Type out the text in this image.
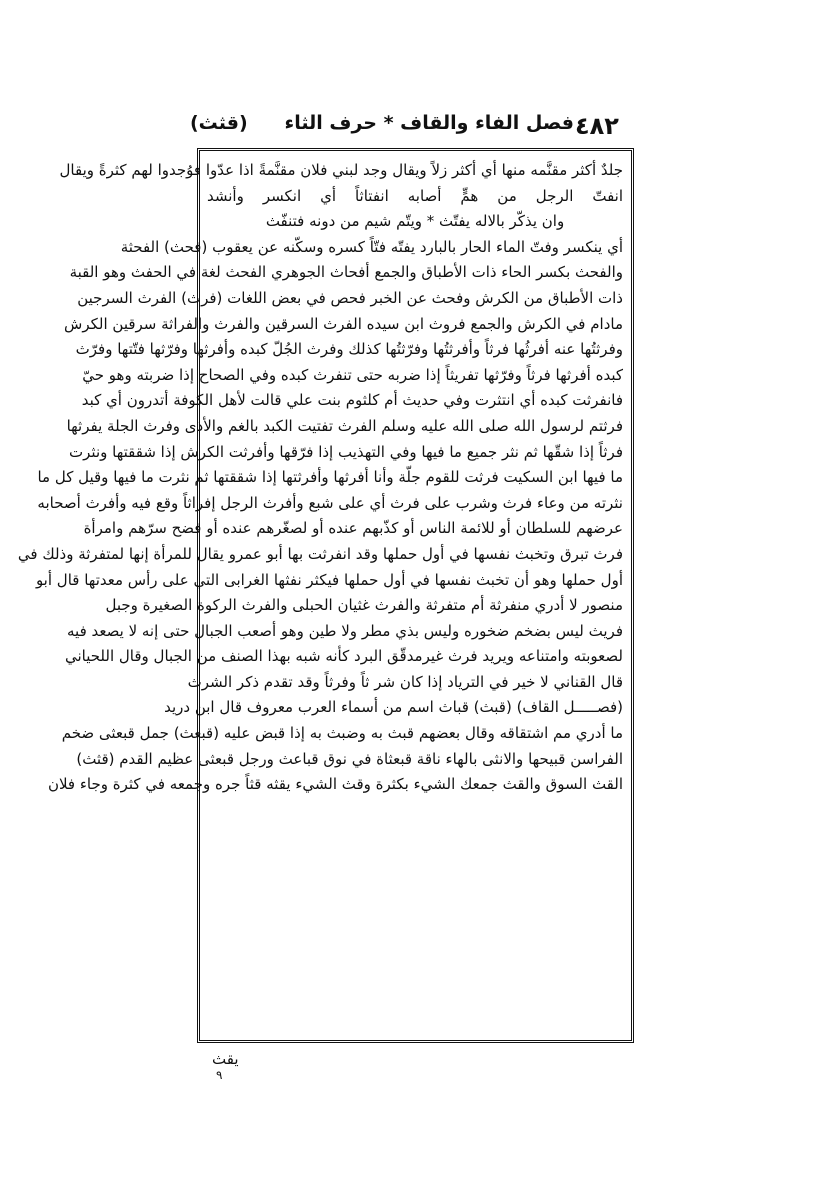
٤٨٢
فصل الفاء والقاف * حرف الثاء
(قثث)
جلدٌ أكثر مقنَّمه منها أي أكثر زلاً ويقال وجد لبني فلان مقنَّمةً اذا عدّوا فوُجدوا لهم كثرةً ويقال
انفتّ الرجل من همٍّ أصابه انفتاثاً أي انكسر وأنشد
وان يذكّر بالاله يفتّث * ويتّم شيم من دونه فتنفّث
أي ينكسر وفتّ الماء الحار بالبارد يفتّه فتّاً كسره وسكّنه عن يعقوب (فحث) الفحثة
والفحث بكسر الحاء ذات الأطباق والجمع أفحاث الجوهري الفحث لغة في الحفث وهو القبة
ذات الأطباق من الكرش وفحث عن الخبر فحص في بعض اللغات (فرث) الفرث السرجين
مادام في الكرش والجمع فروث ابن سيده الفرث السرقين والفرث والفراثة سرقين الكرش
وفرثتُها عنه أفرثُها فرثاً وأفرثتُها وفرّثتُها كذلك وفرث الجُلّ كبده وأفرثها وفرّثها فتّتها وفرّث
كبده أفرثها فرثاً وفرّثها تفريثاً إذا ضربه حتى تنفرث كبده وفي الصحاح إذا ضربته وهو حيّ
فانفرثت كبده أي انتثرت وفي حديث أم كلثوم بنت علي قالت لأهل الكوفة أتدرون أي كبد
فرثتم لرسول الله صلى الله عليه وسلم الفرث تفتيت الكبد بالغم والأذى وفرث الجلة يفرثها
فرثاً إذا شقّها ثم نثر جميع ما فيها وفي التهذيب إذا فرّقها وأفرثت الكرش إذا شققتها ونثرت
ما فيها ابن السكيت فرثت للقوم جلّة وأنا أفرثها وأفرثتها إذا شققتها ثم نثرت ما فيها وقيل كل ما
نثرته من وعاء فرث وشرب على فرث أي على شبع وأفرث الرجل إفراثاً وقع فيه وأفرث أصحابه
عرضهم للسلطان أو للائمة الناس أو كذّبهم عنده أو لصغّرهم عنده أو فضح سرّهم وامرأة
فرث تبرق وتخبث نفسها في أول حملها وقد انفرثت بها أبو عمرو يقال للمرأة إنها لمتفرثة وذلك في
أول حملها وهو أن تخبث نفسها في أول حملها فيكثر نفثها الغرابى التي على رأس معدتها قال أبو
منصور لا أدري منفرثة أم متفرثة والفرث غثيان الحبلى والفرث الركوة الصغيرة وجبل
فريث ليس بضخم ضخوره وليس بذي مطر ولا طين وهو أصعب الجبال حتى إنه لا يصعد فيه
لصعوبته وامتناعه ويريد فرث غيرمدقّق البرد كأنه شبه بهذا الصنف من الجبال وقال اللحياني
قال القناني لا خير في الترياد إذا كان شر ثاً وفرثاً وقد تقدم ذكر الشرث
(فصـــــل القاف) (قبث) قباث اسم من أسماء العرب معروف قال ابن دريد
ما أدري مم اشتقاقه وقال بعضهم قبث به وضبث به إذا قبض عليه (قبعث) جمل قبعثى ضخم
الفراسن قبيحها والانثى بالهاء ناقة قبعثاة في نوق قباعث ورجل قبعثى عظيم القدم (قثث)
القث السوق والقث جمعك الشيء بكثرة وقث الشيء يقثه قثاً جره وجمعه في كثرة وجاء فلان
يقث
٩
